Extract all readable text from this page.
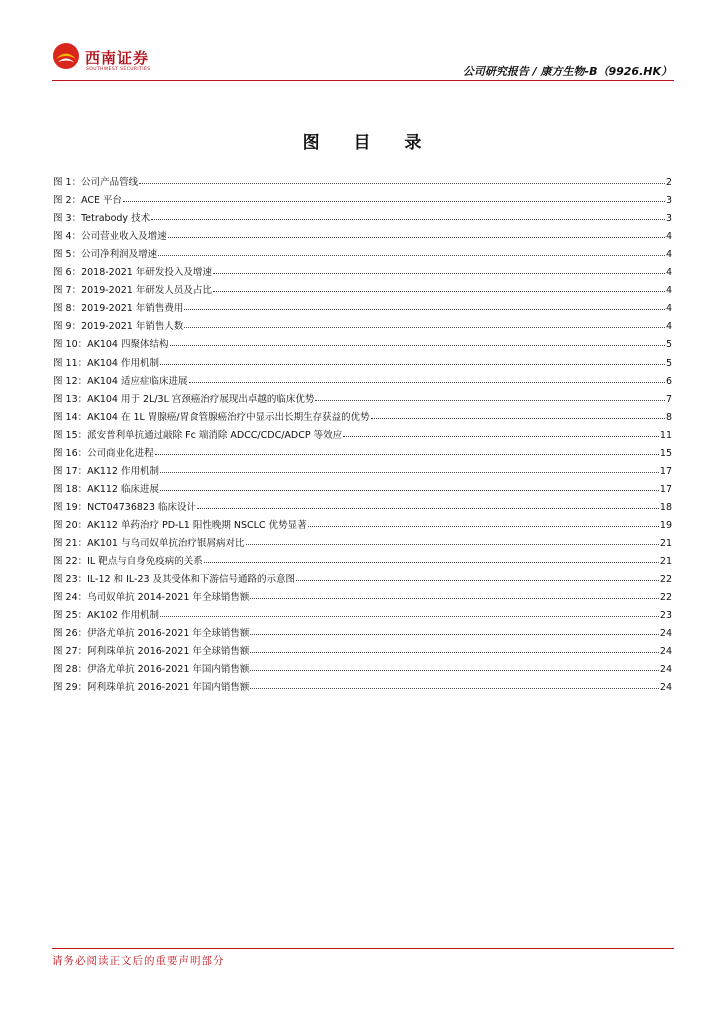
西南证券
SOUTHWEST SECURITIES	公司研究报告 / 康方生物-B（9926.HK）
图 目 录
图 1：公司产品管线	2
图 2：ACE 平台	3
图 3：Tetrabody 技术	3
图 4：公司营业收入及增速	4
图 5：公司净利润及增速	4
图 6：2018-2021 年研发投入及增速	4
图 7：2019-2021 年研发人员及占比	4
图 8：2019-2021 年销售费用	4
图 9：2019-2021 年销售人数	4
图 10：AK104 四聚体结构	5
图 11：AK104 作用机制	5
图 12：AK104 适应症临床进展	6
图 13：AK104 用于 2L/3L 宫颈癌治疗展现出卓越的临床优势	7
图 14：AK104 在 1L 胃腺癌/胃食管腺癌治疗中显示出长期生存获益的优势	8
图 15：派安普利单抗通过敲除 Fc 端消除 ADCC/CDC/ADCP 等效应	11
图 16：公司商业化进程	15
图 17：AK112 作用机制	17
图 18：AK112 临床进展	17
图 19：NCT04736823 临床设计	18
图 20：AK112 单药治疗 PD-L1 阳性晚期 NSCLC 优势显著	19
图 21：AK101 与乌司奴单抗治疗银屑病对比	21
图 22：IL 靶点与自身免疫病的关系	21
图 23：IL-12 和 IL-23 及其受体和下游信号通路的示意图	22
图 24：乌司奴单抗 2014-2021 年全球销售额	22
图 25：AK102 作用机制	23
图 26：伊洛尤单抗 2016-2021 年全球销售额	24
图 27：阿利珠单抗 2016-2021 年全球销售额	24
图 28：伊洛尤单抗 2016-2021 年国内销售额	24
图 29：阿利珠单抗 2016-2021 年国内销售额	24
请务必阅读正文后的重要声明部分
